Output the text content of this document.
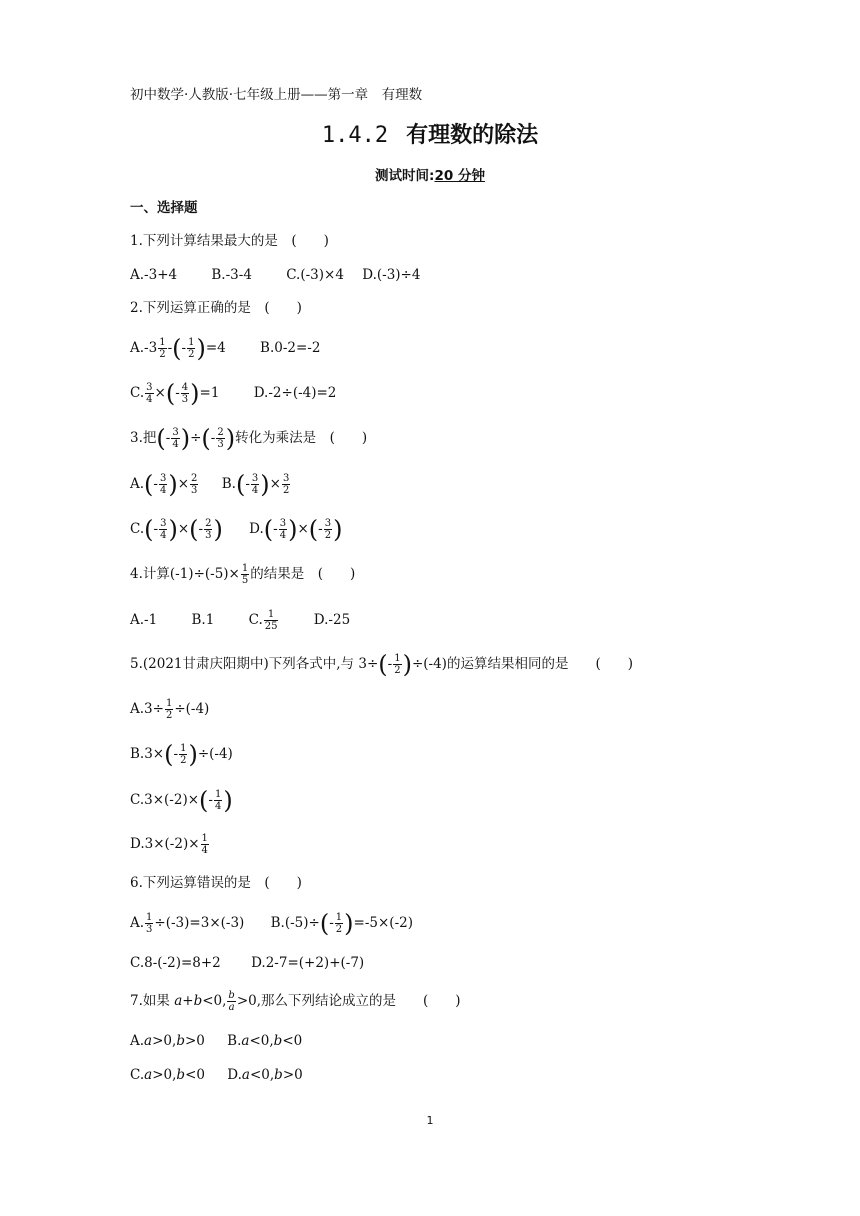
初中数学·人教版·七年级上册——第一章　有理数
1.4.2 有理数的除法
测试时间:20 分钟
一、选择题
1.下列计算结果最大的是　(　　)
A.-3+4	B.-3-4	C.(-3)×4 D.(-3)÷4
2.下列运算正确的是　(　　)
$A.-3 \frac{1}{2}$ -(- $\frac{1}{2} )=4$	B.0-2=-2
C. $\frac{3}{4}$ ×(- $\frac{4}{3} )=1$	D.-2÷(-4)=2
3.把(- $\frac{3}{4}$ )÷(- $\frac{2}{3}$ )转化为乘法是　(　　)
$A.(- \frac{3}{4}$ )× $\frac{2}{3} B.(- \frac{3}{4}$ )× $\frac{3}{2}$
$C.(- \frac{3}{4}$ )×(- $\frac{2}{3}$ ) $D.(- \frac{3}{4}$ )×(- $\frac{3}{2}$ )
4.计算$(-1)\div(-5)\times \frac{1}{5}$ 的结果是　(　　)
A.-1	B.1	C. $\frac{1}{25}$	D.-25
5.(2021甘肃庆阳期中)下列各式中,与 $3\div(- \frac{1}{2} )\div(-4)$的运算结果相同的是　　(　　)
$A.3\div \frac{1}{2} \div(-4)$
$B.3\times(- \frac{1}{2} )\div(-4)$
$C.3\times(-2)\times(- \frac{1}{4}$ )
$D.3\times(-2)\times \frac{1}{4}$
6.下列运算错误的是　(　　)
A. $\frac{1}{3} \div(-3)=3\times(-3)$ $B.(-5)\div(- \frac{1}{2} )=-5\times(-2)$
C.8-(-2)=8+2 D.2-7=(+2)+(-7)
7.如果 a+b<0, $\frac{b}{a} >0$,那么下列结论成立的是　　(　　)
A.a>0,b>0 B.a<0,b<0
C.a>0,b<0 D.a<0,b>0
1
